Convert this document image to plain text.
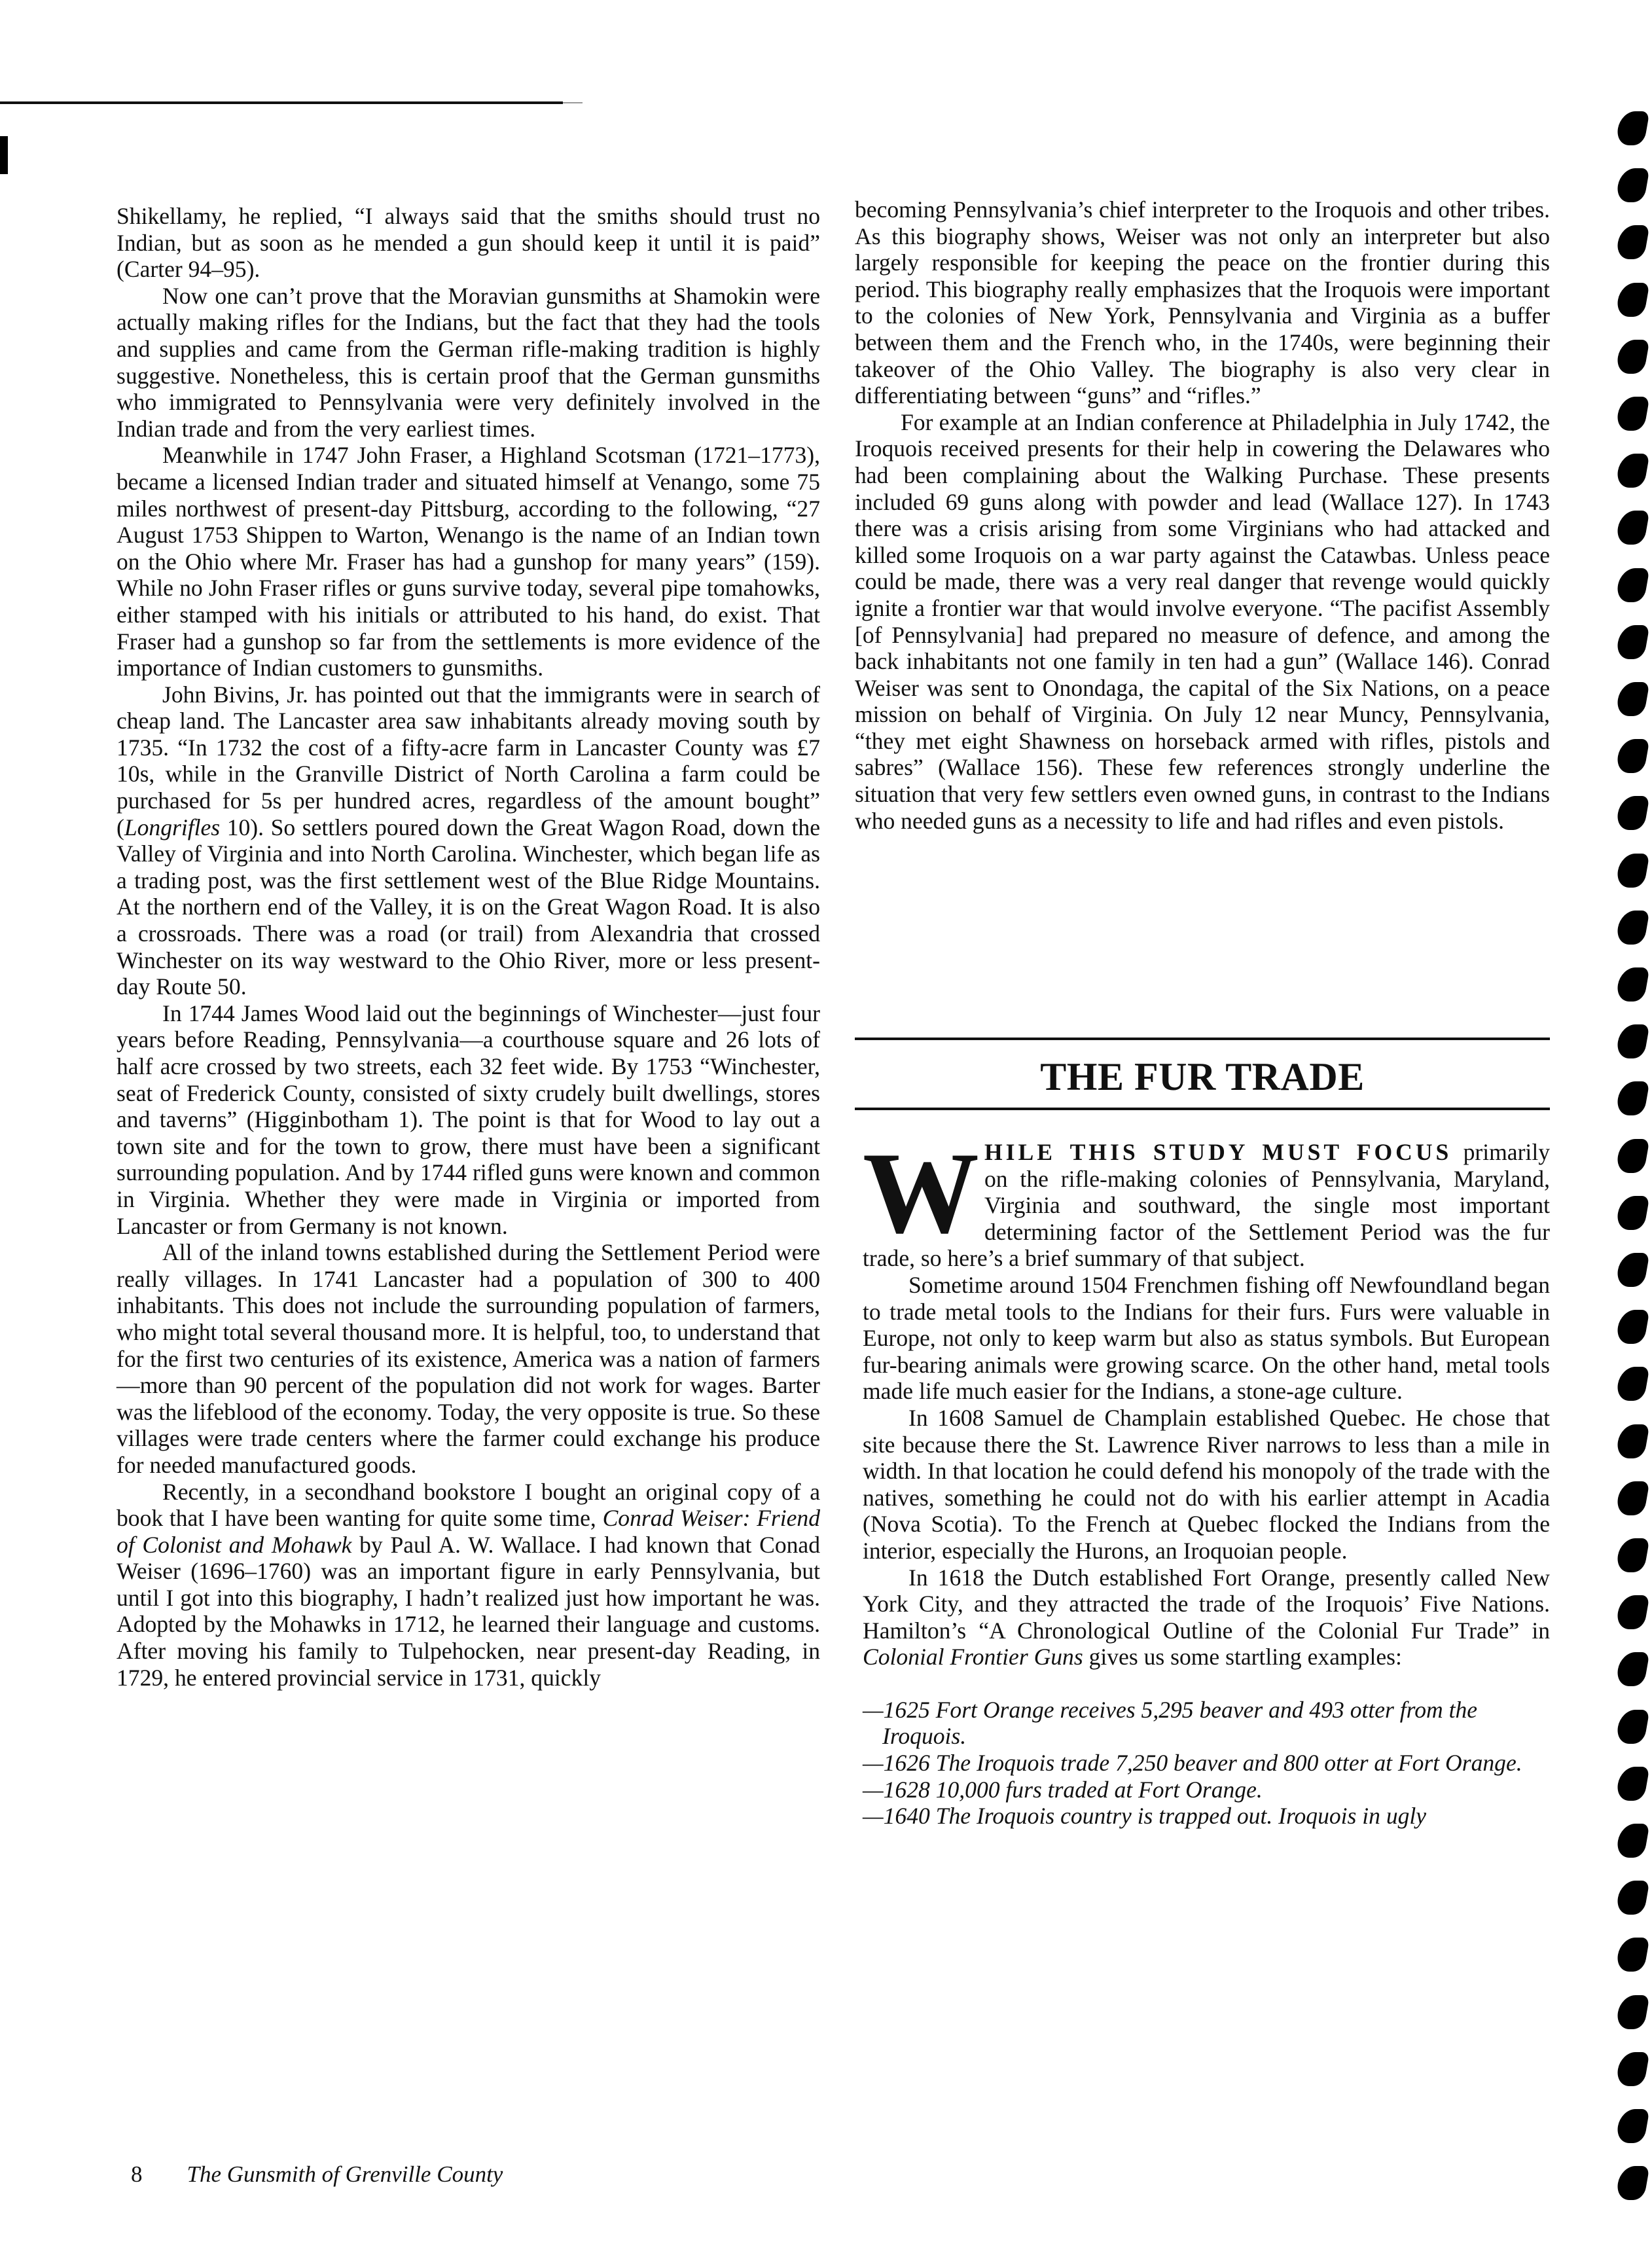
Shikellamy, he replied, “I always said that the smiths should trust no Indian, but as soon as he mended a gun should keep it until it is paid” (Carter 94–95).

Now one can’t prove that the Moravian gunsmiths at Shamokin were actually making rifles for the Indians, but the fact that they had the tools and supplies and came from the German rifle-making tradition is highly suggestive. Nonetheless, this is certain proof that the German gunsmiths who immigrated to Pennsylvania were very definitely involved in the Indian trade and from the very earliest times.

Meanwhile in 1747 John Fraser, a Highland Scotsman (1721–1773), became a licensed Indian trader and situated himself at Venango, some 75 miles northwest of present-day Pittsburg, according to the following, “27 August 1753 Shippen to Warton, Wenango is the name of an Indian town on the Ohio where Mr. Fraser has had a gunshop for many years” (159). While no John Fraser rifles or guns survive today, several pipe tomahowks, either stamped with his initials or attributed to his hand, do exist. That Fraser had a gunshop so far from the settlements is more evidence of the importance of Indian customers to gunsmiths.

John Bivins, Jr. has pointed out that the immigrants were in search of cheap land. The Lancaster area saw inhabitants already moving south by 1735. “In 1732 the cost of a fifty-acre farm in Lancaster County was £7 10s, while in the Granville District of North Carolina a farm could be purchased for 5s per hundred acres, regardless of the amount bought” (Longrifles 10). So settlers poured down the Great Wagon Road, down the Valley of Virginia and into North Carolina. Winchester, which began life as a trading post, was the first settlement west of the Blue Ridge Mountains. At the northern end of the Valley, it is on the Great Wagon Road. It is also a crossroads. There was a road (or trail) from Alexandria that crossed Winchester on its way westward to the Ohio River, more or less present-day Route 50.

In 1744 James Wood laid out the beginnings of Winchester—just four years before Reading, Pennsylvania—a courthouse square and 26 lots of half acre crossed by two streets, each 32 feet wide. By 1753 “Winchester, seat of Frederick County, consisted of sixty crudely built dwellings, stores and taverns” (Higginbotham 1). The point is that for Wood to lay out a town site and for the town to grow, there must have been a significant surrounding population. And by 1744 rifled guns were known and common in Virginia. Whether they were made in Virginia or imported from Lancaster or from Germany is not known.

All of the inland towns established during the Settlement Period were really villages. In 1741 Lancaster had a population of 300 to 400 inhabitants. This does not include the surrounding population of farmers, who might total several thousand more. It is helpful, too, to understand that for the first two centuries of its existence, America was a nation of farmers—more than 90 percent of the population did not work for wages. Barter was the lifeblood of the economy. Today, the very opposite is true. So these villages were trade centers where the farmer could exchange his produce for needed manufactured goods.

Recently, in a secondhand bookstore I bought an original copy of a book that I have been wanting for quite some time, Conrad Weiser: Friend of Colonist and Mohawk by Paul A. W. Wallace. I had known that Conad Weiser (1696–1760) was an important figure in early Pennsylvania, but until I got into this biography, I hadn’t realized just how important he was. Adopted by the Mohawks in 1712, he learned their language and customs. After moving his family to Tulpehocken, near present-day Reading, in 1729, he entered provincial service in 1731, quickly

becoming Pennsylvania’s chief interpreter to the Iroquois and other tribes. As this biography shows, Weiser was not only an interpreter but also largely responsible for keeping the peace on the frontier during this period. This biography really emphasizes that the Iroquois were important to the colonies of New York, Pennsylvania and Virginia as a buffer between them and the French who, in the 1740s, were beginning their takeover of the Ohio Valley. The biography is also very clear in differentiating between “guns” and “rifles.”

For example at an Indian conference at Philadelphia in July 1742, the Iroquois received presents for their help in cowering the Delawares who had been complaining about the Walking Purchase. These presents included 69 guns along with powder and lead (Wallace 127). In 1743 there was a crisis arising from some Virginians who had attacked and killed some Iroquois on a war party against the Catawbas. Unless peace could be made, there was a very real danger that revenge would quickly ignite a frontier war that would involve everyone. “The pacifist Assembly [of Pennsylvania] had prepared no measure of defence, and among the back inhabitants not one family in ten had a gun” (Wallace 146). Conrad Weiser was sent to Onondaga, the capital of the Six Nations, on a peace mission on behalf of Virginia. On July 12 near Muncy, Pennsylvania, “they met eight Shawness on horseback armed with rifles, pistols and sabres” (Wallace 156). These few references strongly underline the situation that very few settlers even owned guns, in contrast to the Indians who needed guns as a necessity to life and had rifles and even pistols.

THE FUR TRADE

WHILE THIS STUDY MUST FOCUS primarily on the rifle-making colonies of Pennsylvania, Maryland, Virginia and southward, the single most important determining factor of the Settlement Period was the fur trade, so here’s a brief summary of that subject.

Sometime around 1504 Frenchmen fishing off Newfoundland began to trade metal tools to the Indians for their furs. Furs were valuable in Europe, not only to keep warm but also as status symbols. But European fur-bearing animals were growing scarce. On the other hand, metal tools made life much easier for the Indians, a stone-age culture.

In 1608 Samuel de Champlain established Quebec. He chose that site because there the St. Lawrence River narrows to less than a mile in width. In that location he could defend his monopoly of the trade with the natives, something he could not do with his earlier attempt in Acadia (Nova Scotia). To the French at Quebec flocked the Indians from the interior, especially the Hurons, an Iroquoian people.

In 1618 the Dutch established Fort Orange, presently called New York City, and they attracted the trade of the Iroquois’ Five Nations. Hamilton’s “A Chronological Outline of the Colonial Fur Trade” in Colonial Frontier Guns gives us some startling examples:

—1625 Fort Orange receives 5,295 beaver and 493 otter from the Iroquois.

—1626 The Iroquois trade 7,250 beaver and 800 otter at Fort Orange.

—1628 10,000 furs traded at Fort Orange.

—1640 The Iroquois country is trapped out. Iroquois in ugly

8 The Gunsmith of Grenville County
